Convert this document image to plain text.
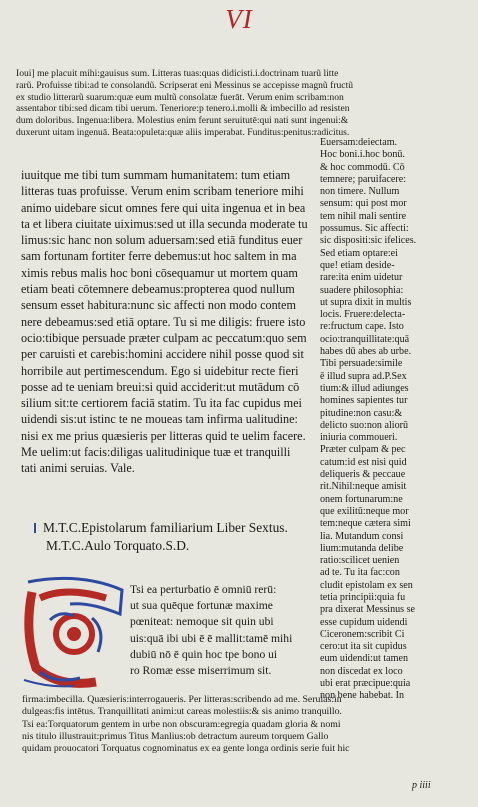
VI
Ioui] me placuit mihi:gauisus sum. Litteras tuas:quas didicisti.i.doctrinam tuarũ litte
rarũ. Profuisse tibi:ad te consolandũ. Scripserat eni Messinus se accepisse magnũ fructũ
ex studio litterarũ suarum:quæ eum multũ consolatæ fuerāt. Verum enim scribam:non
assentabor tibi:sed dicam tibi uerum. Teneriore:p tenero.i.molli & imbecillo ad resisten
dum doloribus. Ingenua:libera. Molestius enim ferunt seruitutē:qui nati sunt ingenui:&
duxerunt uitam ingenuā. Beata:opuleta:quæ aliis imperabat. Funditus:penitus:radicitus.
iuuitque me tibi tum summam humanitatem: tum etiam
litteras tuas profuisse. Verum enim scribam teneriore mihi
animo uidebare sicut omnes fere qui uita ingenua et in bea
ta et libera ciuitate uiximus:sed ut illa secunda moderate tu
limus:sic hanc non solum aduersam:sed etiā funditus euer
sam fortunam fortiter ferre debemus:ut hoc saltem in ma
ximis rebus malis hoc boni cōsequamur ut mortem quam
etiam beati cōtemnere debeamus:propterea quod nullum
sensum esset habitura:nunc sic affecti non modo contem
nere debeamus:sed etiā optare. Tu si me diligis: fruere isto
ocio:tibique persuade præter culpam ac peccatum:quo sem
per caruisti et carebis:homini accidere nihil posse quod sit
horribile aut pertimescendum. Ego si uidebitur recte fieri
posse ad te ueniam breui:si quid acciderit:ut mutādum cō
silium sit:te certiorem faciā statim. Tu ita fac cupidus mei
uidendi sis:ut istinc te ne moueas tam infirma ualitudine:
nisi ex me prius quæsieris per litteras quid te uelim facere.
Me uelim:ut facis:diligas ualitudinique tuæ et tranquilli
tati animi seruias. Vale.
Euersam:deiectam.
Hoc boni.i.hoc bonū.
& hoc commodū. Cō
temnere; paruifacere:
non timere. Nullum
sensum: qui post mor
tem nihil mali sentire
possumus. Sic affecti:
sic dispositi:sic ifelices.
Sed etiam optare:ei
que! etiam deside-
rare:ita enim uidetur
suadere philosophia:
ut supra dixit in multis
locis. Fruere:delecta-
re:fructum cape. Isto
ocio:tranquillitate:quā
habes dū abes ab urbe.
Tibi persuade:simile
ē illud supra ad.P.Sex
tium:& illud adiunges
homines sapientes tur
pitudine:non casu:&
delicto suo:non aliorū
iniuria commoueri.
Præter culpam & pec
catum:id est nisi quid
deliqueris & peccaue
rit.Nihil:neque amisit
onem fortunarum:ne
que exilitū:neque mor
tem:neque cætera simi
lia. Mutandum consi
lium:mutanda delibe
ratio:scilicet uenien
ad te. Tu ita fac:con
cludit epistolam ex sen
tetia principii:quia fu
pra dixerat Messinus se
esse cupidum uidendi
Ciceronem:scribit Ci
cero:ut ita sit cupidus
eum uidendi:ut tamen
non discedat ex loco
ubi erat præcipue:quia
non bene habebat. In
M.T.C.Epistolarum familiarium Liber Sextus.
M.T.C.Aulo Torquato.S.D.
Tsi ea perturbatio ē omniū rerū:
ut sua quēque fortunæ maxime
pœniteat: nemoque sit quin ubi
uis:quā ibi ubi ē ē mallit:tamē mihi
dubiū nō ē quin hoc tpe bono ui
ro Romæ esse miserrimum sit.
firma:imbecilla. Quæsieris:interrogaueris. Per litteras:scribendo ad me. Seruias:in
dulgeas:fis intētus. Tranquillitati animi:ut careas molestiis:& sis animo tranquillo.
Tsi ea:Torquatorum gentem in urbe non obscuram:egregia quadam gloria & nomi
nis titulo illustrauit:primus Titus Manlius:ob detractum aureum torquem Gallo
quidam prouocatori Torquatus cognominatus ex ea gente longa ordinis serie fuit hic
p iiii
